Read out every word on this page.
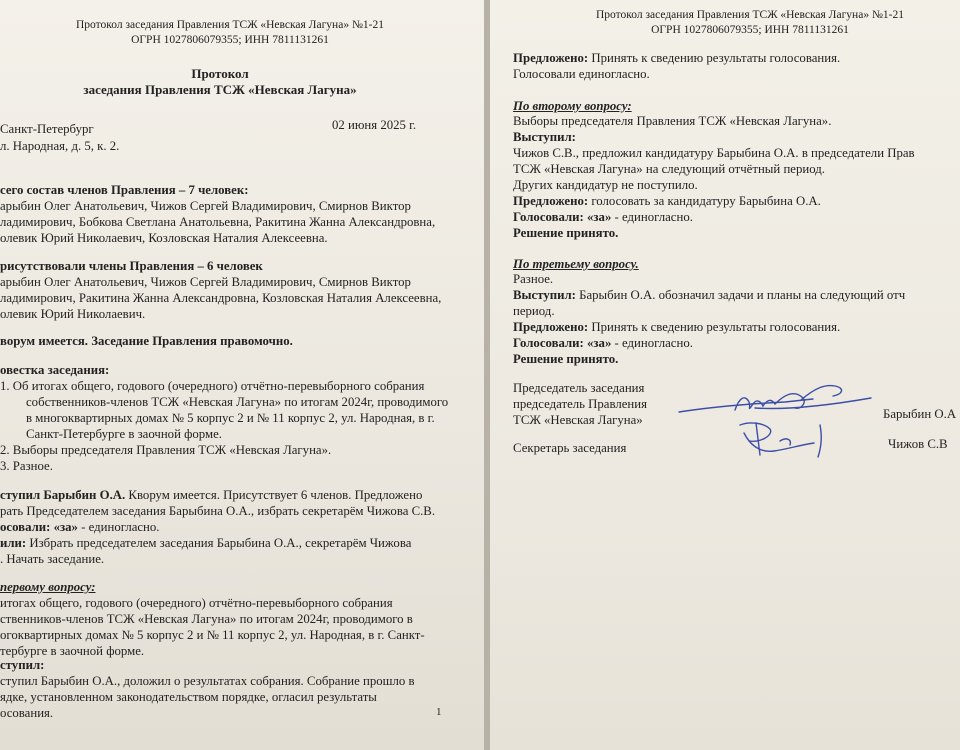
Протокол заседания Правления ТСЖ «Невская Лагуна» №1-21
ОГРН 1027806079355; ИНН 7811131261
Протокол
заседания Правления ТСЖ «Невская Лагуна»
Санкт-Петербург	02 июня 2025 г.
л. Народная, д. 5, к. 2.
сего состав членов Правления – 7 человек:
арыбин Олег Анатольевич, Чижов Сергей Владимирович, Смирнов Виктор
ладимирович, Бобкова Светлана Анатольевна, Ракитина Жанна Александровна,
олевик Юрий Николаевич, Козловская Наталия Алексеевна.
рисутствовали члены Правления – 6 человек
арыбин Олег Анатольевич, Чижов Сергей Владимирович, Смирнов Виктор
ладимирович, Ракитина Жанна Александровна, Козловская Наталия Алексеевна,
олевик Юрий Николаевич.
ворум имеется. Заседание Правления правомочно.
овестка заседания:
1. Об итогах общего, годового (очередного) отчётно-перевыборного собрания
собственников-членов ТСЖ «Невская Лагуна» по итогам 2024г, проводимого
в многоквартирных домах № 5 корпус 2 и № 11 корпус 2, ул. Народная, в г.
Санкт-Петербурге в заочной форме.
2. Выборы председателя Правления ТСЖ «Невская Лагуна».
3. Разное.
ступил Барыбин О.А. Кворум имеется. Присутствует 6 членов. Предложено
рать Председателем заседания Барыбина О.А., избрать секретарём Чижова С.В.
осовали: «за» - единогласно.
или: Избрать председателем заседания Барыбина О.А., секретарём Чижова
. Начать заседание.
первому вопросу:
итогах общего, годового (очередного) отчётно-перевыборного собрания
ственников-членов ТСЖ «Невская Лагуна» по итогам 2024г, проводимого в
огоквартирных домах № 5 корпус 2 и № 11 корпус 2, ул. Народная, в г. Санкт-
тербурге в заочной форме.
ступил:
ступил Барыбин О.А., доложил о результатах собрания. Собрание прошло в
ядке, установленном законодательством порядке, огласил результаты
осования.	1
Протокол заседания Правления ТСЖ «Невская Лагуна» №1-21
ОГРН 1027806079355; ИНН 7811131261
Предложено: Принять к сведению результаты голосования.
Голосовали единогласно.
По второму вопросу:
Выборы председателя Правления ТСЖ «Невская Лагуна».
Выступил:
Чижов С.В., предложил кандидатуру Барыбина О.А. в председатели Прав
ТСЖ «Невская Лагуна» на следующий отчётный период.
Других кандидатур не поступило.
Предложено: голосовать за кандидатуру Барыбина О.А.
Голосовали: «за» - единогласно.
Решение принято.
По третьему вопросу.
Разное.
Выступил: Барыбин О.А. обозначил задачи и планы на следующий отч
период.
Предложено: Принять к сведению результаты голосования.
Голосовали: «за» - единогласно.
Решение принято.
Председатель заседания
председатель Правления
ТСЖ «Невская Лагуна»	Барыбин О.А
Секретарь заседания	Чижов С.В
